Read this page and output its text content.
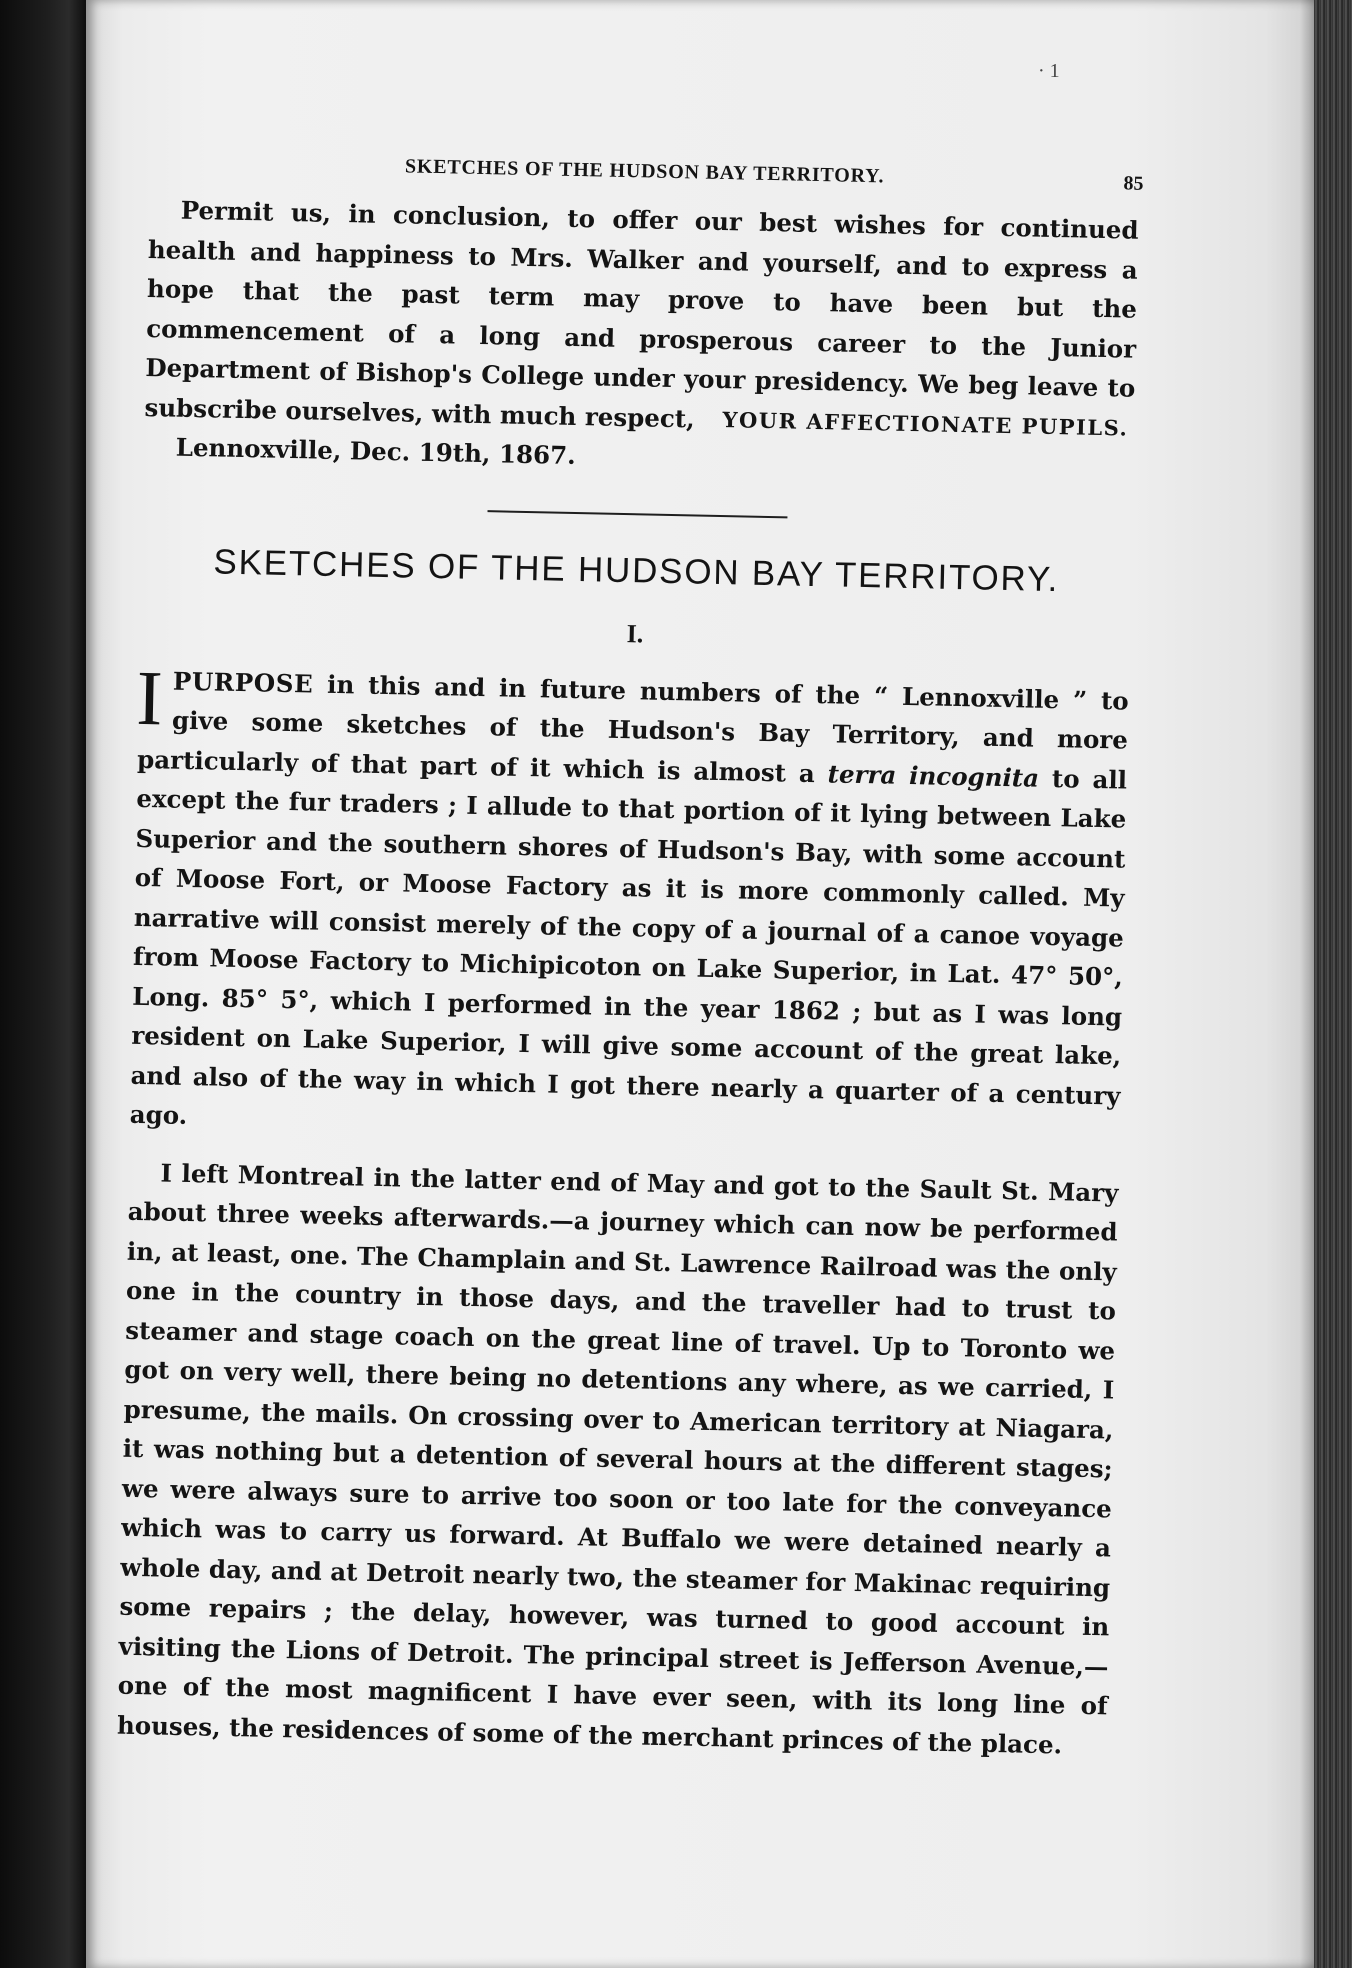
· 1
SKETCHES OF THE HUDSON BAY TERRITORY.	85

Permit us, in conclusion, to offer our best wishes for continued health and happiness to Mrs. Walker and yourself, and to express a hope that the past term may prove to have been but the commencement of a long and prosperous career to the Junior Department of Bishop's College under your presidency. We beg leave to subscribe ourselves, with much respect,	YOUR AFFECTIONATE PUPILS.

Lennoxville, Dec. 19th, 1867.

SKETCHES OF THE HUDSON BAY TERRITORY.
I.

IPURPOSE in this and in future numbers of the “ Lennoxville ” to give some sketches of the Hudson's Bay Territory, and more particularly of that part of it which is almost a terra incognita to all except the fur traders ; I allude to that portion of it lying between Lake Superior and the southern shores of Hudson's Bay, with some account of Moose Fort, or Moose Factory as it is more commonly called. My narrative will consist merely of the copy of a journal of a canoe voyage from Moose Factory to Michipicoton on Lake Superior, in Lat. 47° 50°, Long. 85° 5°, which I performed in the year 1862 ; but as I was long resident on Lake Superior, I will give some account of the great lake, and also of the way in which I got there nearly a quarter of a century ago.

I left Montreal in the latter end of May and got to the Sault St. Mary about three weeks afterwards.—a journey which can now be performed in, at least, one. The Champlain and St. Lawrence Railroad was the only one in the country in those days, and the traveller had to trust to steamer and stage coach on the great line of travel. Up to Toronto we got on very well, there being no detentions any where, as we carried, I presume, the mails. On crossing over to American territory at Niagara, it was nothing but a detention of several hours at the different stages; we were always sure to arrive too soon or too late for the conveyance which was to carry us forward. At Buffalo we were detained nearly a whole day, and at Detroit nearly two, the steamer for Makinac requiring some repairs ; the delay, however, was turned to good account in visiting the Lions of Detroit. The principal street is Jefferson Avenue,—one of the most magnificent I have ever seen, with its long line of houses, the residences of some of the merchant princes of the place.
